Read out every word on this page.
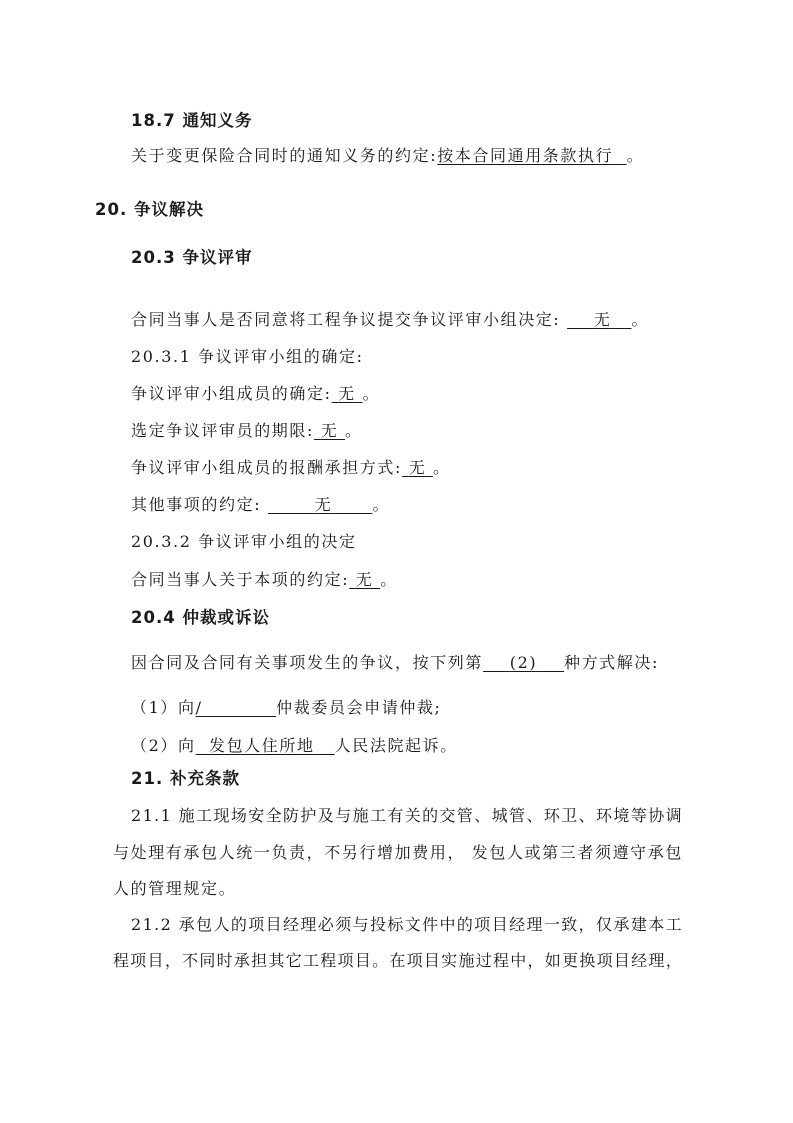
18.7 通知义务
关于变更保险合同时的通知义务的约定:按本合同通用条款执行 。
20. 争议解决
20.3 争议评审
合同当事人是否同意将工程争议提交争议评审小组决定: 无 。
20.3.1 争议评审小组的确定:
争议评审小组成员的确定: 无 。
选定争议评审员的期限: 无 。
争议评审小组成员的报酬承担方式: 无 。
其他事项的约定:	无	。
20.3.2 争议评审小组的决定
合同当事人关于本项的约定: 无 。
20.4 仲裁或诉讼
因合同及合同有关事项发生的争议，按下列第 (2) 种方式解决:
（1）向/	仲裁委员会申请仲裁;
（2）向 发包人住所地 人民法院起诉。
21. 补充条款
21.1 施工现场安全防护及与施工有关的交管、城管、环卫、环境等协调
与处理有承包人统一负责，不另行增加费用， 发包人或第三者须遵守承包
人的管理规定。
21.2 承包人的项目经理必须与投标文件中的项目经理一致，仅承建本工
程项目，不同时承担其它工程项目。在项目实施过程中，如更换项目经理，
